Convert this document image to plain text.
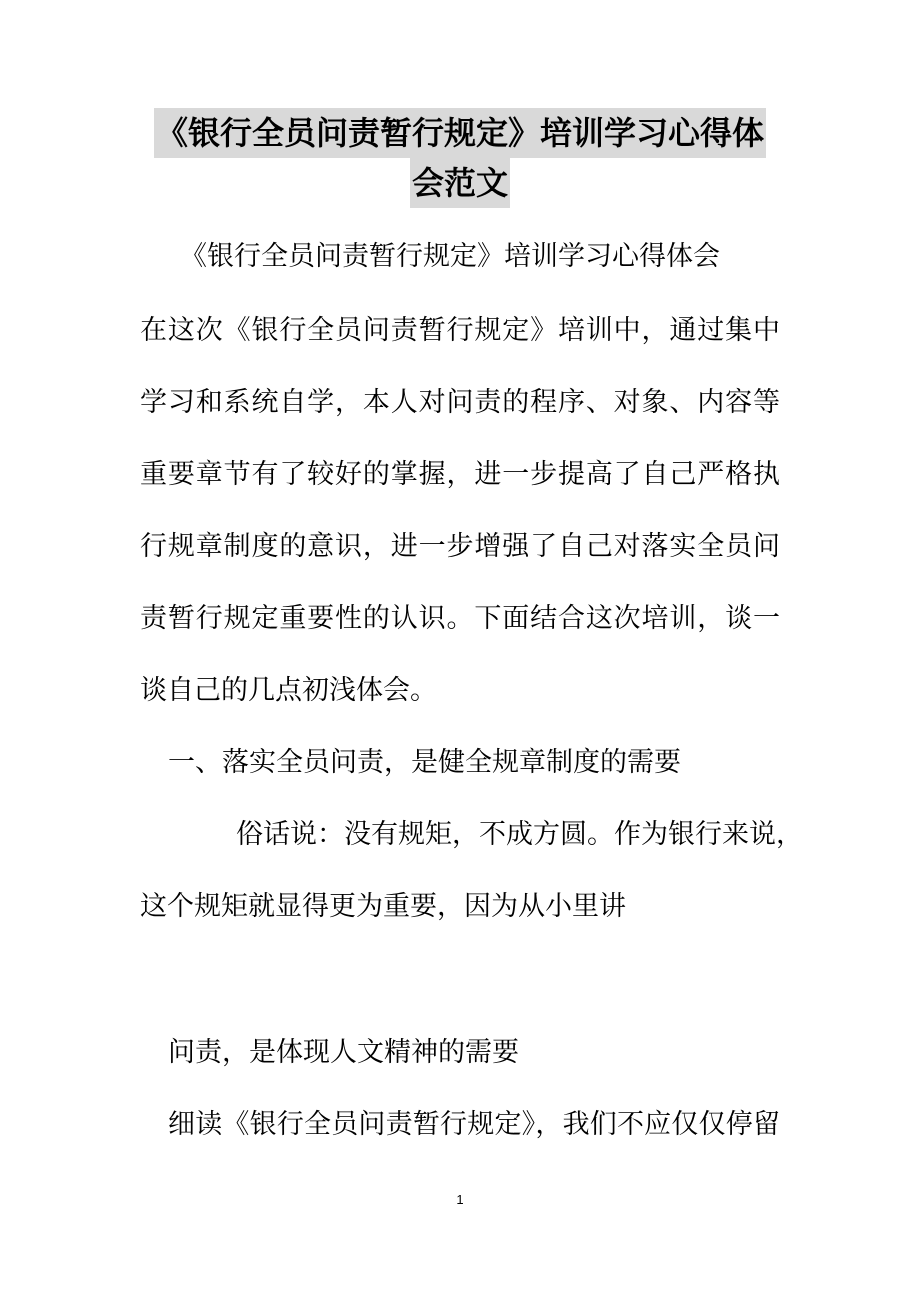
《银行全员问责暂行规定》培训学习心得体
会范文
《银行全员问责暂行规定》培训学习心得体会
在这次《银行全员问责暂行规定》培训中，通过集中
学习和系统自学，本人对问责的程序、对象、内容等
重要章节有了较好的掌握，进一步提高了自己严格执
行规章制度的意识，进一步增强了自己对落实全员问
责暂行规定重要性的认识。下面结合这次培训，谈一
谈自己的几点初浅体会。
一、落实全员问责，是健全规章制度的需要
俗话说：没有规矩，不成方圆。作为银行来说，
这个规矩就显得更为重要，因为从小里讲
问责，是体现人文精神的需要
细读《银行全员问责暂行规定》，我们不应仅仅停留
1
